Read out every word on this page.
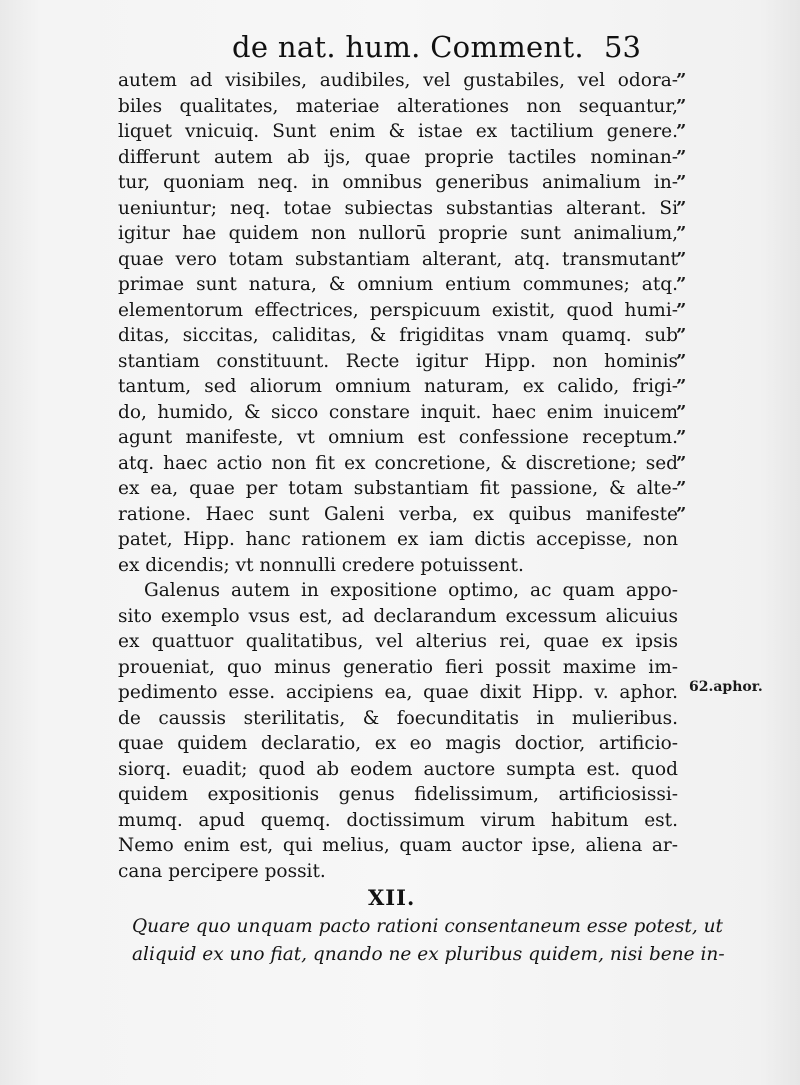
de nat. hum. Comment. 53
autem ad visibiles, audibiles, vel gustabiles, vel odora-
biles qualitates, materiae alterationes non sequantur,
liquet vnicuiq. Sunt enim & istae ex tactilium genere.
differunt autem ab ijs, quae proprie tactiles nominan-
tur, quoniam neq. in omnibus generibus animalium in-
ueniuntur; neq. totae subiectas substantias alterant. Si
igitur hae quidem non nullorū proprie sunt animalium,
quae vero totam substantiam alterant, atq. transmutant
primae sunt natura, & omnium entium communes; atq.
elementorum effectrices, perspicuum existit, quod humi-
ditas, siccitas, caliditas, & frigiditas vnam quamq. sub
stantiam constituunt. Recte igitur Hipp. non hominis
tantum, sed aliorum omnium naturam, ex calido, frigi-
do, humido, & sicco constare inquit. haec enim inuicem
agunt manifeste, vt omnium est confessione receptum.
atq. haec actio non fit ex concretione, & discretione; sed
ex ea, quae per totam substantiam fit passione, & alte-
ratione. Haec sunt Galeni verba, ex quibus manifeste
patet, Hipp. hanc rationem ex iam dictis accepisse, non
ex dicendis; vt nonnulli credere potuissent.
Galenus autem in expositione optimo, ac quam appo-
sito exemplo vsus est, ad declarandum excessum alicuius
ex quattuor qualitatibus, vel alterius rei, quae ex ipsis
proueniat, quo minus generatio fieri possit maxime im-
pedimento esse. accipiens ea, quae dixit Hipp. v. aphor.
de caussis sterilitatis, & foecunditatis in mulieribus.
quae quidem declaratio, ex eo magis doctior, artificio-
siorq. euadit; quod ab eodem auctore sumpta est. quod
quidem expositionis genus fidelissimum, artificiosissi-
mumq. apud quemq. doctissimum virum habitum est.
Nemo enim est, qui melius, quam auctor ipse, aliena ar-
cana percipere possit.
”
”
”
”
”
”
”
”
”
”
”
”
”
”
”
”
”
”
62.aphor.
XII.
Quare quo unquam pacto rationi consentaneum esse potest, ut
aliquid ex uno fiat, qnando ne ex pluribus quidem, nisi bene in-
